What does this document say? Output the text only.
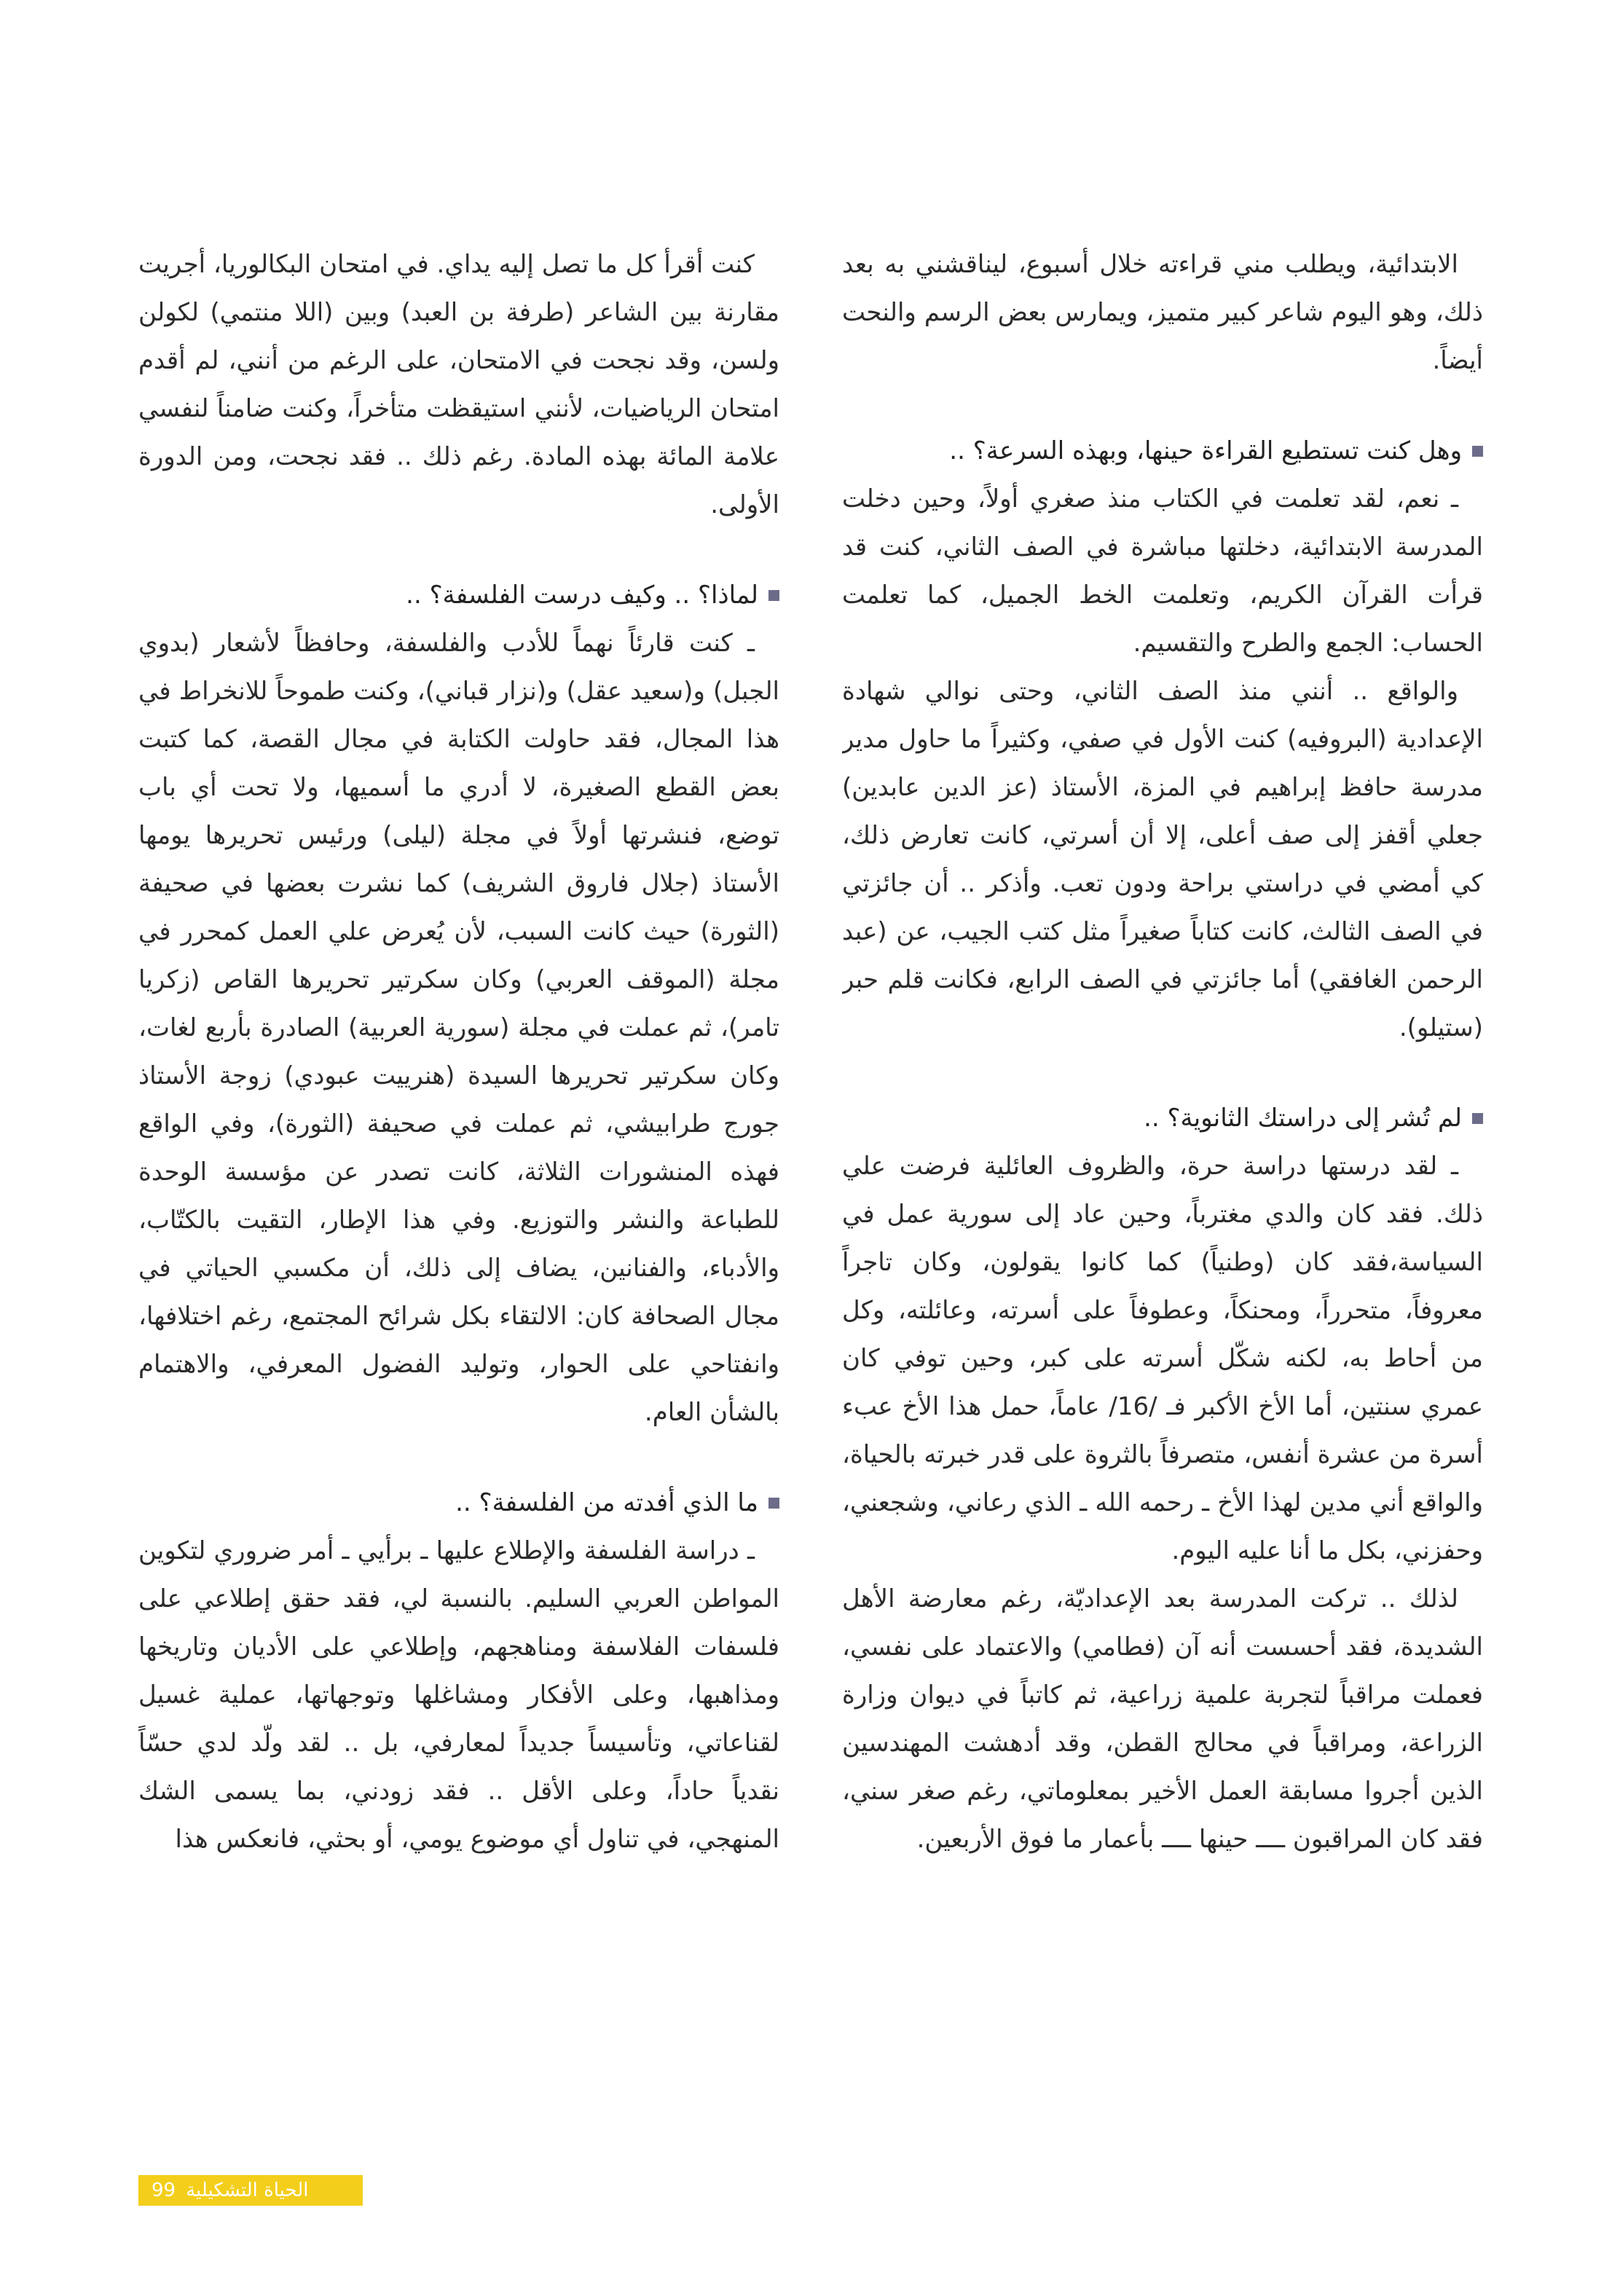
الابتدائية، ويطلب مني قراءته خلال أسبوع، ليناقشني به بعد ذلك، وهو اليوم شاعر كبير متميز، ويمارس بعض الرسم والنحت أيضاً.

وهل كنت تستطيع القراءة حينها، وبهذه السرعة؟ ..

ـ نعم، لقد تعلمت في الكتاب منذ صغري أولاً، وحين دخلت المدرسة الابتدائية، دخلتها مباشرة في الصف الثاني، كنت قد قرأت القرآن الكريم، وتعلمت الخط الجميل، كما تعلمت الحساب: الجمع والطرح والتقسيم.

والواقع .. أنني منذ الصف الثاني، وحتى نوالي شهادة الإعدادية (البروفيه) كنت الأول في صفي، وكثيراً ما حاول مدير مدرسة حافظ إبراهيم في المزة، الأستاذ (عز الدين عابدين) جعلي أقفز إلى صف أعلى، إلا أن أسرتي، كانت تعارض ذلك، كي أمضي في دراستي براحة ودون تعب. وأذكر .. أن جائزتي في الصف الثالث، كانت كتاباً صغيراً مثل كتب الجيب، عن (عبد الرحمن الغافقي) أما جائزتي في الصف الرابع، فكانت قلم حبر (ستيلو).

لم تُشر إلى دراستك الثانوية؟ ..

ـ لقد درستها دراسة حرة، والظروف العائلية فرضت علي ذلك. فقد كان والدي مغترباً، وحين عاد إلى سورية عمل في السياسة،فقد كان (وطنياً) كما كانوا يقولون، وكان تاجراً معروفاً، متحرراً، ومحنكاً، وعطوفاً على أسرته، وعائلته، وكل من أحاط به، لكنه شكّل أسرته على كبر، وحين توفي كان عمري سنتين، أما الأخ الأكبر فـ /16/ عاماً، حمل هذا الأخ عبء أسرة من عشرة أنفس، متصرفاً بالثروة على قدر خبرته بالحياة، والواقع أني مدين لهذا الأخ ـ رحمه الله ـ الذي رعاني، وشجعني، وحفزني، بكل ما أنا عليه اليوم.

لذلك .. تركت المدرسة بعد الإعداديّة، رغم معارضة الأهل الشديدة، فقد أحسست أنه آن (فطامي) والاعتماد على نفسي، فعملت مراقباً لتجربة علمية زراعية، ثم كاتباً في ديوان وزارة الزراعة، ومراقباً في محالج القطن، وقد أدهشت المهندسين الذين أجروا مسابقة العمل الأخير بمعلوماتي، رغم صغر سني، فقد كان المراقبون ــــ حينها ــــ بأعمار ما فوق الأربعين.

كنت أقرأ كل ما تصل إليه يداي. في امتحان البكالوريا، أجريت مقارنة بين الشاعر (طرفة بن العبد) وبين (اللا منتمي) لكولن ولسن، وقد نجحت في الامتحان، على الرغم من أنني، لم أقدم امتحان الرياضيات، لأنني استيقظت متأخراً، وكنت ضامناً لنفسي علامة المائة بهذه المادة. رغم ذلك .. فقد نجحت، ومن الدورة الأولى.

لماذا؟ .. وكيف درست الفلسفة؟ ..

ـ كنت قارئاً نهماً للأدب والفلسفة، وحافظاً لأشعار (بدوي الجبل) و(سعيد عقل) و(نزار قباني)، وكنت طموحاً للانخراط في هذا المجال، فقد حاولت الكتابة في مجال القصة، كما كتبت بعض القطع الصغيرة، لا أدري ما أسميها، ولا تحت أي باب توضع، فنشرتها أولاً في مجلة (ليلى) ورئيس تحريرها يومها الأستاذ (جلال فاروق الشريف) كما نشرت بعضها في صحيفة (الثورة) حيث كانت السبب، لأن يُعرض علي العمل كمحرر في مجلة (الموقف العربي) وكان سكرتير تحريرها القاص (زكريا تامر)، ثم عملت في مجلة (سورية العربية) الصادرة بأربع لغات، وكان سكرتير تحريرها السيدة (هنرييت عبودي) زوجة الأستاذ جورج طرابيشي، ثم عملت في صحيفة (الثورة)، وفي الواقع فهذه المنشورات الثلاثة، كانت تصدر عن مؤسسة الوحدة للطباعة والنشر والتوزيع. وفي هذا الإطار، التقيت بالكتّاب، والأدباء، والفنانين، يضاف إلى ذلك، أن مكسبي الحياتي في مجال الصحافة كان: الالتقاء بكل شرائح المجتمع، رغم اختلافها، وانفتاحي على الحوار، وتوليد الفضول المعرفي، والاهتمام بالشأن العام.

ما الذي أفدته من الفلسفة؟ ..

ـ دراسة الفلسفة والإطلاع عليها ـ برأيي ـ أمر ضروري لتكوين المواطن العربي السليم. بالنسبة لي، فقد حقق إطلاعي على فلسفات الفلاسفة ومناهجهم، وإطلاعي على الأديان وتاريخها ومذاهبها، وعلى الأفكار ومشاغلها وتوجهاتها، عملية غسيل لقناعاتي، وتأسيساً جديداً لمعارفي، بل .. لقد ولّد لدي حسّاً نقدياً حاداً، وعلى الأقل .. فقد زودني، بما يسمى الشك المنهجي، في تناول أي موضوع يومي، أو بحثي، فانعكس هذا

99 الحياة التشكيلية
